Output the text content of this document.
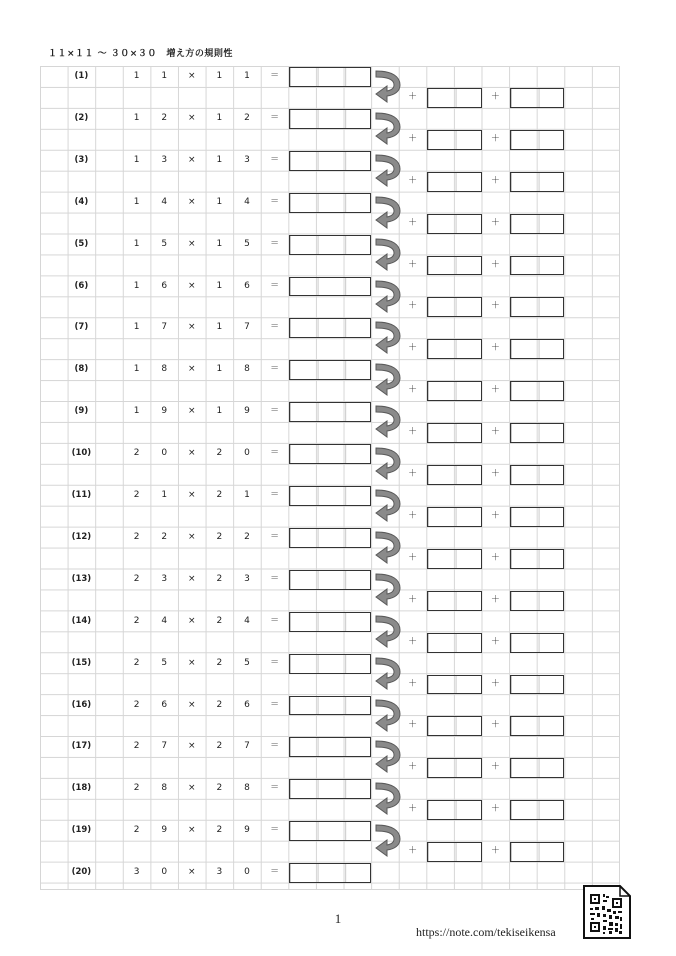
１１×１１ ～ ３０×３０　増え方の規則性
(1)	1	1	×	1	1	＝
＋	＋
(2)	1	2	×	1	2	＝
＋	＋
(3)	1	3	×	1	3	＝
＋	＋
(4)	1	4	×	1	4	＝
＋	＋
(5)	1	5	×	1	5	＝
＋	＋
(6)	1	6	×	1	6	＝
＋	＋
(7)	1	7	×	1	7	＝
＋	＋
(8)	1	8	×	1	8	＝
＋	＋
(9)	1	9	×	1	9	＝
＋	＋
(10)	2	0	×	2	0	＝
＋	＋
(11)	2	1	×	2	1	＝
＋	＋
(12)	2	2	×	2	2	＝
＋	＋
(13)	2	3	×	2	3	＝
＋	＋
(14)	2	4	×	2	4	＝
＋	＋
(15)	2	5	×	2	5	＝
＋	＋
(16)	2	6	×	2	6	＝
＋	＋
(17)	2	7	×	2	7	＝
＋	＋
(18)	2	8	×	2	8	＝
＋	＋
(19)	2	9	×	2	9	＝
＋	＋
(20)	3	0	×	3	0	＝
1
https://note.com/tekiseikensa
